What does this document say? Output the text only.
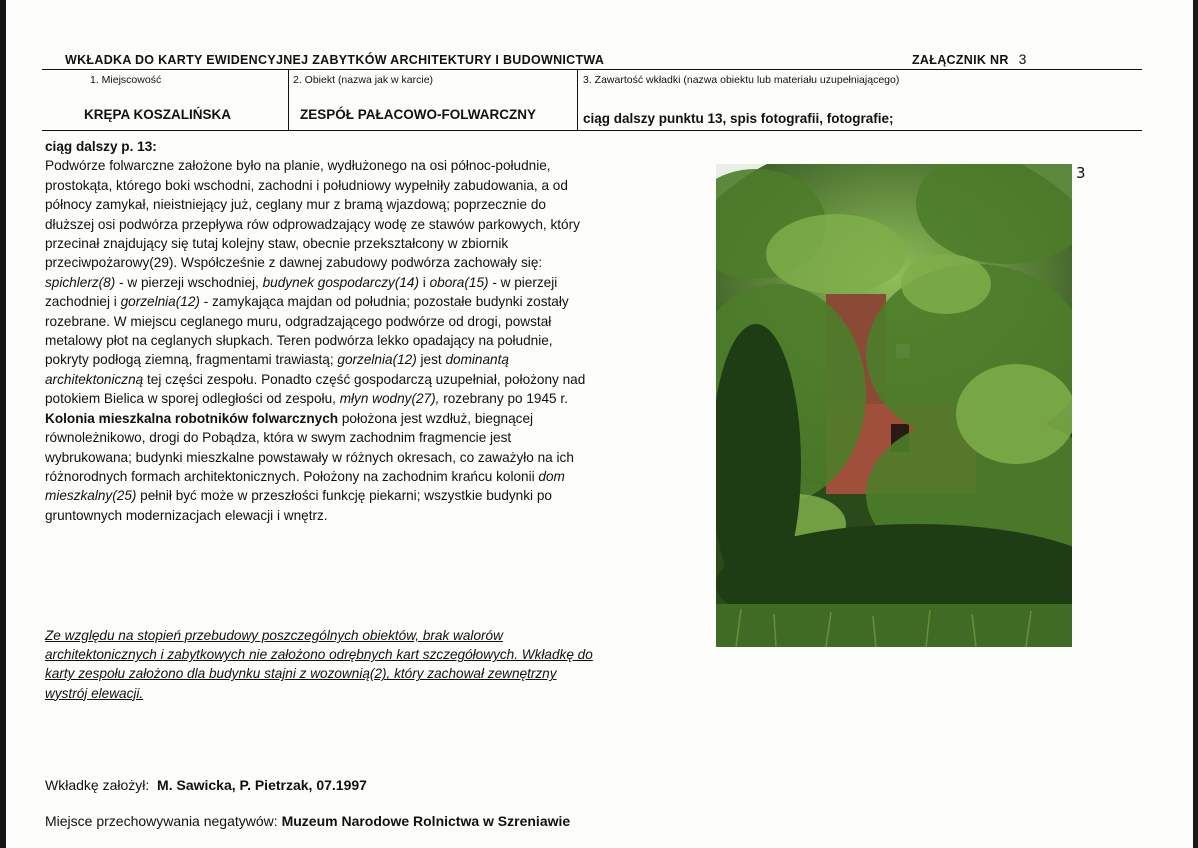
WKŁADKA DO KARTY EWIDENCYJNEJ ZABYTKÓW ARCHITEKTURY I BUDOWNICTWA	ZAŁĄCZNIK NR 3
1. Miejscowość
KRĘPA KOSZALIŃSKA
2. Obiekt (nazwa jak w karcie)
ZESPÓŁ PAŁACOWO-FOLWARCZNY
3. Zawartość wkładki (nazwa obiektu lub materiału uzupełniającego)
ciąg dalszy punktu 13, spis fotografii, fotografie;

ciąg dalszy p. 13:

Podwórze folwarczne założone było na planie, wydłużonego na osi północ-południe, prostokąta, którego boki wschodni, zachodni i południowy wypełniły zabudowania, a od północy zamykał, nieistniejący już, ceglany mur z bramą wjazdową; poprzecznie do dłuższej osi podwórza przepływa rów odprowadzający wodę ze stawów parkowych, który przecinał znajdujący się tutaj kolejny staw, obecnie przekształcony w zbiornik przeciwpożarowy(29). Współcześnie z dawnej zabudowy podwórza zachowały się: spichlerz(8) - w pierzeji wschodniej, budynek gospodarczy(14) i obora(15) - w pierzeji zachodniej i gorzelnia(12) - zamykająca majdan od południa; pozostałe budynki zostały rozebrane. W miejscu ceglanego muru, odgradzającego podwórze od drogi, powstał metalowy płot na ceglanych słupkach. Teren podwórza lekko opadający na południe, pokryty podłogą ziemną, fragmentami trawiastą; gorzelnia(12) jest dominantą architektoniczną tej części zespołu. Ponadto część gospodarczą uzupełniał, położony nad potokiem Bielica w sporej odległości od zespołu, młyn wodny(27), rozebrany po 1945 r.

Kolonia mieszkalna robotników folwarcznych położona jest wzdłuż, biegnącej równoleżnikowo, drogi do Pobądza, która w swym zachodnim fragmencie jest wybrukowana; budynki mieszkalne powstawały w różnych okresach, co zaważyło na ich różnorodnych formach architektonicznych. Położony na zachodnim krańcu kolonii dom mieszkalny(25) pełnił być może w przeszłości funkcję piekarni; wszystkie budynki po gruntownych modernizacjach elewacji i wnętrz.

Ze względu na stopień przebudowy poszczególnych obiektów, brak walorów architektonicznych i zabytkowych nie założono odrębnych kart szczegółowych. Wkładkę do karty zespołu założono dla budynku stajni z wozownią(2), który zachował zewnętrzny wystrój elewacji.
3
Wkładkę założył: M. Sawicka, P. Pietrzak, 07.1997
Miejsce przechowywania negatywów: Muzeum Narodowe Rolnictwa w Szreniawie
